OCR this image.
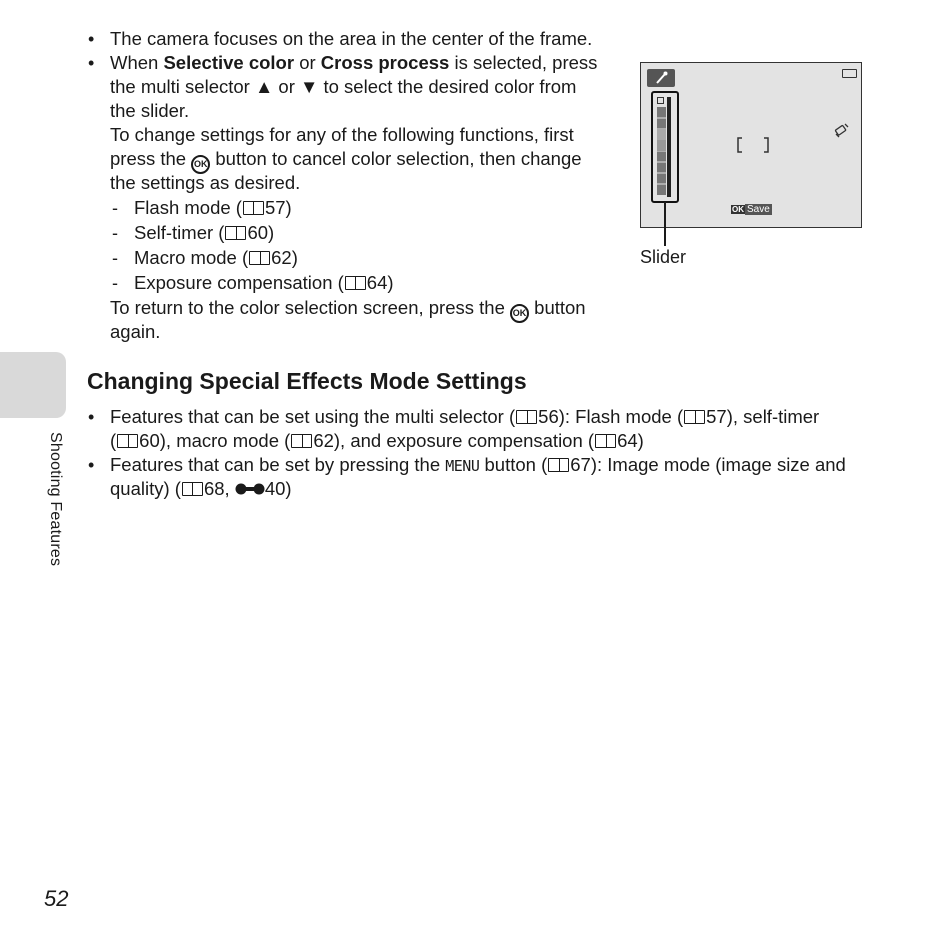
• The camera focuses on the area in the center of the frame.
• When Selective color or Cross process is selected, press
the multi selector ▲ or ▼ to select the desired color from
the slider.
To change settings for any of the following functions, first
press the OK button to cancel color selection, then change
the settings as desired.
- Flash mode ( 57)
- Self-timer ( 60)
- Macro mode ( 62)
- Exposure compensation ( 64)
To return to the color selection screen, press the OK button
again.
OK Save
Slider
Shooting Features
Changing Special Effects Mode Settings
• Features that can be set using the multi selector ( 56): Flash mode ( 57), self-timer
( 60), macro mode ( 62), and exposure compensation ( 64)
• Features that can be set by pressing the MENU button ( 67): Image mode (image size and
quality) ( 68, 40)
52
